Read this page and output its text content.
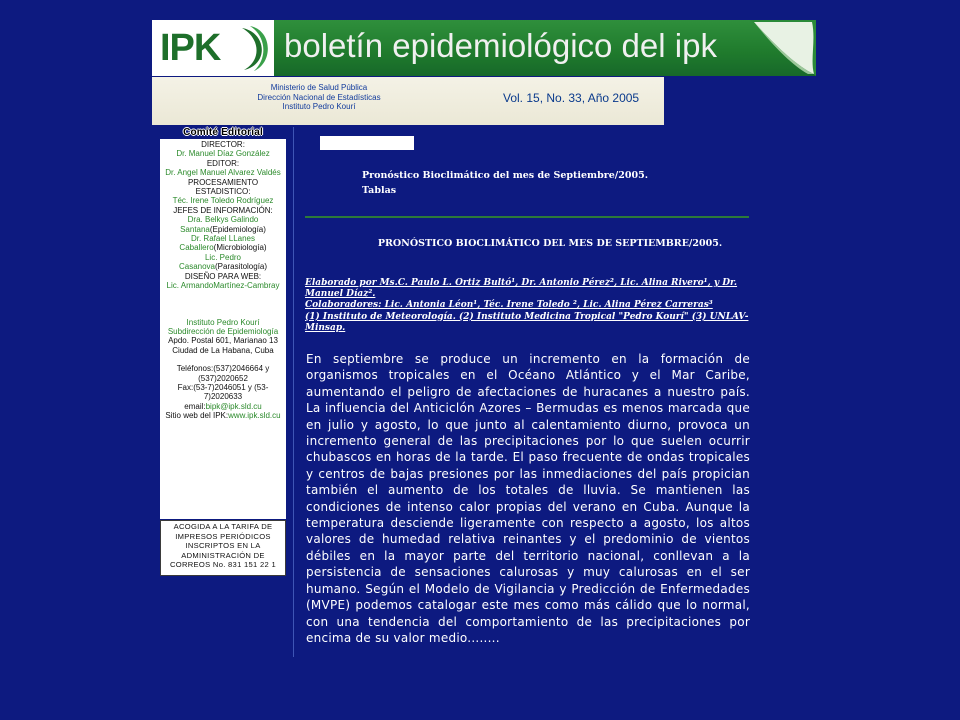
IPK boletín epidemiológico del ipk
Ministerio de Salud Pública
Dirección Nacional de Estadísticas
Instituto Pedro Kourí
Vol. 15, No. 33, Año 2005
Comité Editorial
DIRECTOR:
Dr. Manuel Díaz González
EDITOR:
Dr. Angel Manuel Alvarez Valdés
PROCESAMIENTO ESTADISTICO:
Téc. Irene Toledo Rodríguez
JEFES DE INFORMACIÓN:
Dra. Belkys Galindo Santana(Epidemiología)
Dr. Rafael LLanes Caballero(Microbiología)
Lic. Pedro Casanova(Parasitología)
DISEÑO PARA WEB:
Lic. ArmandoMartínez-Cambray
Instituto Pedro Kourí
Subdirección de Epidemiología
Apdo. Postal 601, Marianao 13
Ciudad de La Habana, Cuba
Teléfonos:(537)2046664 y (537)2020652
Fax:(53-7)2046051 y (53-7)2020633
email:bipk@ipk.sld.cu
Sitio web del IPK:www.ipk.sld.cu
ACOGIDA A LA TARIFA DE IMPRESOS PERIÓDICOS INSCRIPTOS EN LA ADMINISTRACIÓN DE CORREOS No. 831 151 22 1
Pronóstico Bioclimático del mes de Septiembre/2005.
Tablas
PRONÓSTICO BIOCLIMÁTICO DEL MES DE SEPTIEMBRE/2005.
Elaborado por Ms.C. Paulo L. Ortiz Bultó¹, Dr. Antonio Pérez², Lic. Alina Rivero¹, y Dr. Manuel Díaz².
Colaboradores: Lic. Antonia Léon¹, Téc. Irene Toledo ², Lic. Alina Pérez Carreras³
(1) Instituto de Meteorología. (2) Instituto Medicina Tropical "Pedro Kourí" (3) UNLAV-Minsap.
En septiembre se produce un incremento en la formación de organismos tropicales en el Océano Atlántico y el Mar Caribe, aumentando el peligro de afectaciones de huracanes a nuestro país. La influencia del Anticiclón Azores – Bermudas es menos marcada que en julio y agosto, lo que junto al calentamiento diurno, provoca un incremento general de las precipitaciones por lo que suelen ocurrir chubascos en horas de la tarde. El paso frecuente de ondas tropicales y centros de bajas presiones por las inmediaciones del país propician también el aumento de los totales de lluvia. Se mantienen las condiciones de intenso calor propias del verano en Cuba. Aunque la temperatura desciende ligeramente con respecto a agosto, los altos valores de humedad relativa reinantes y el predominio de vientos débiles en la mayor parte del territorio nacional, conllevan a la persistencia de sensaciones calurosas y muy calurosas en el ser humano. Según el Modelo de Vigilancia y Predicción de Enfermedades (MVPE) podemos catalogar este mes como más cálido que lo normal, con una tendencia del comportamiento de las precipitaciones por encima de su valor medio........
